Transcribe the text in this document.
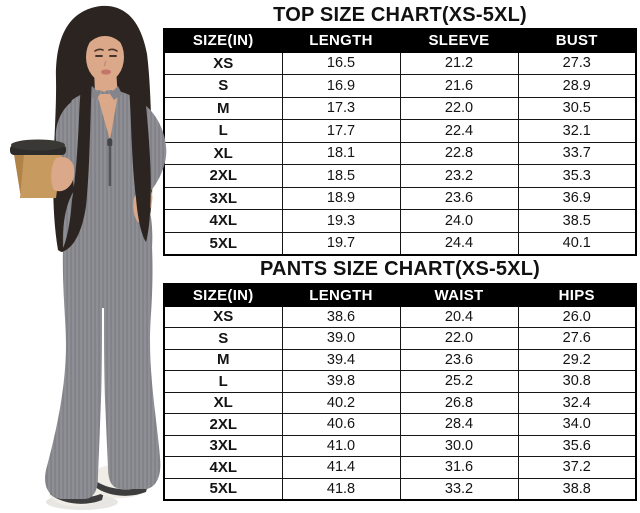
TOP SIZE CHART(XS-5XL)
SIZE(IN)	LENGTH	SLEEVE	BUST
XS	16.5	21.2	27.3
S	16.9	21.6	28.9
M	17.3	22.0	30.5
L	17.7	22.4	32.1
XL	18.1	22.8	33.7
2XL	18.5	23.2	35.3
3XL	18.9	23.6	36.9
4XL	19.3	24.0	38.5
5XL	19.7	24.4	40.1
PANTS SIZE CHART(XS-5XL)
SIZE(IN)	LENGTH	WAIST	HIPS
XS	38.6	20.4	26.0
S	39.0	22.0	27.6
M	39.4	23.6	29.2
L	39.8	25.2	30.8
XL	40.2	26.8	32.4
2XL	40.6	28.4	34.0
3XL	41.0	30.0	35.6
4XL	41.4	31.6	37.2
5XL	41.8	33.2	38.8
